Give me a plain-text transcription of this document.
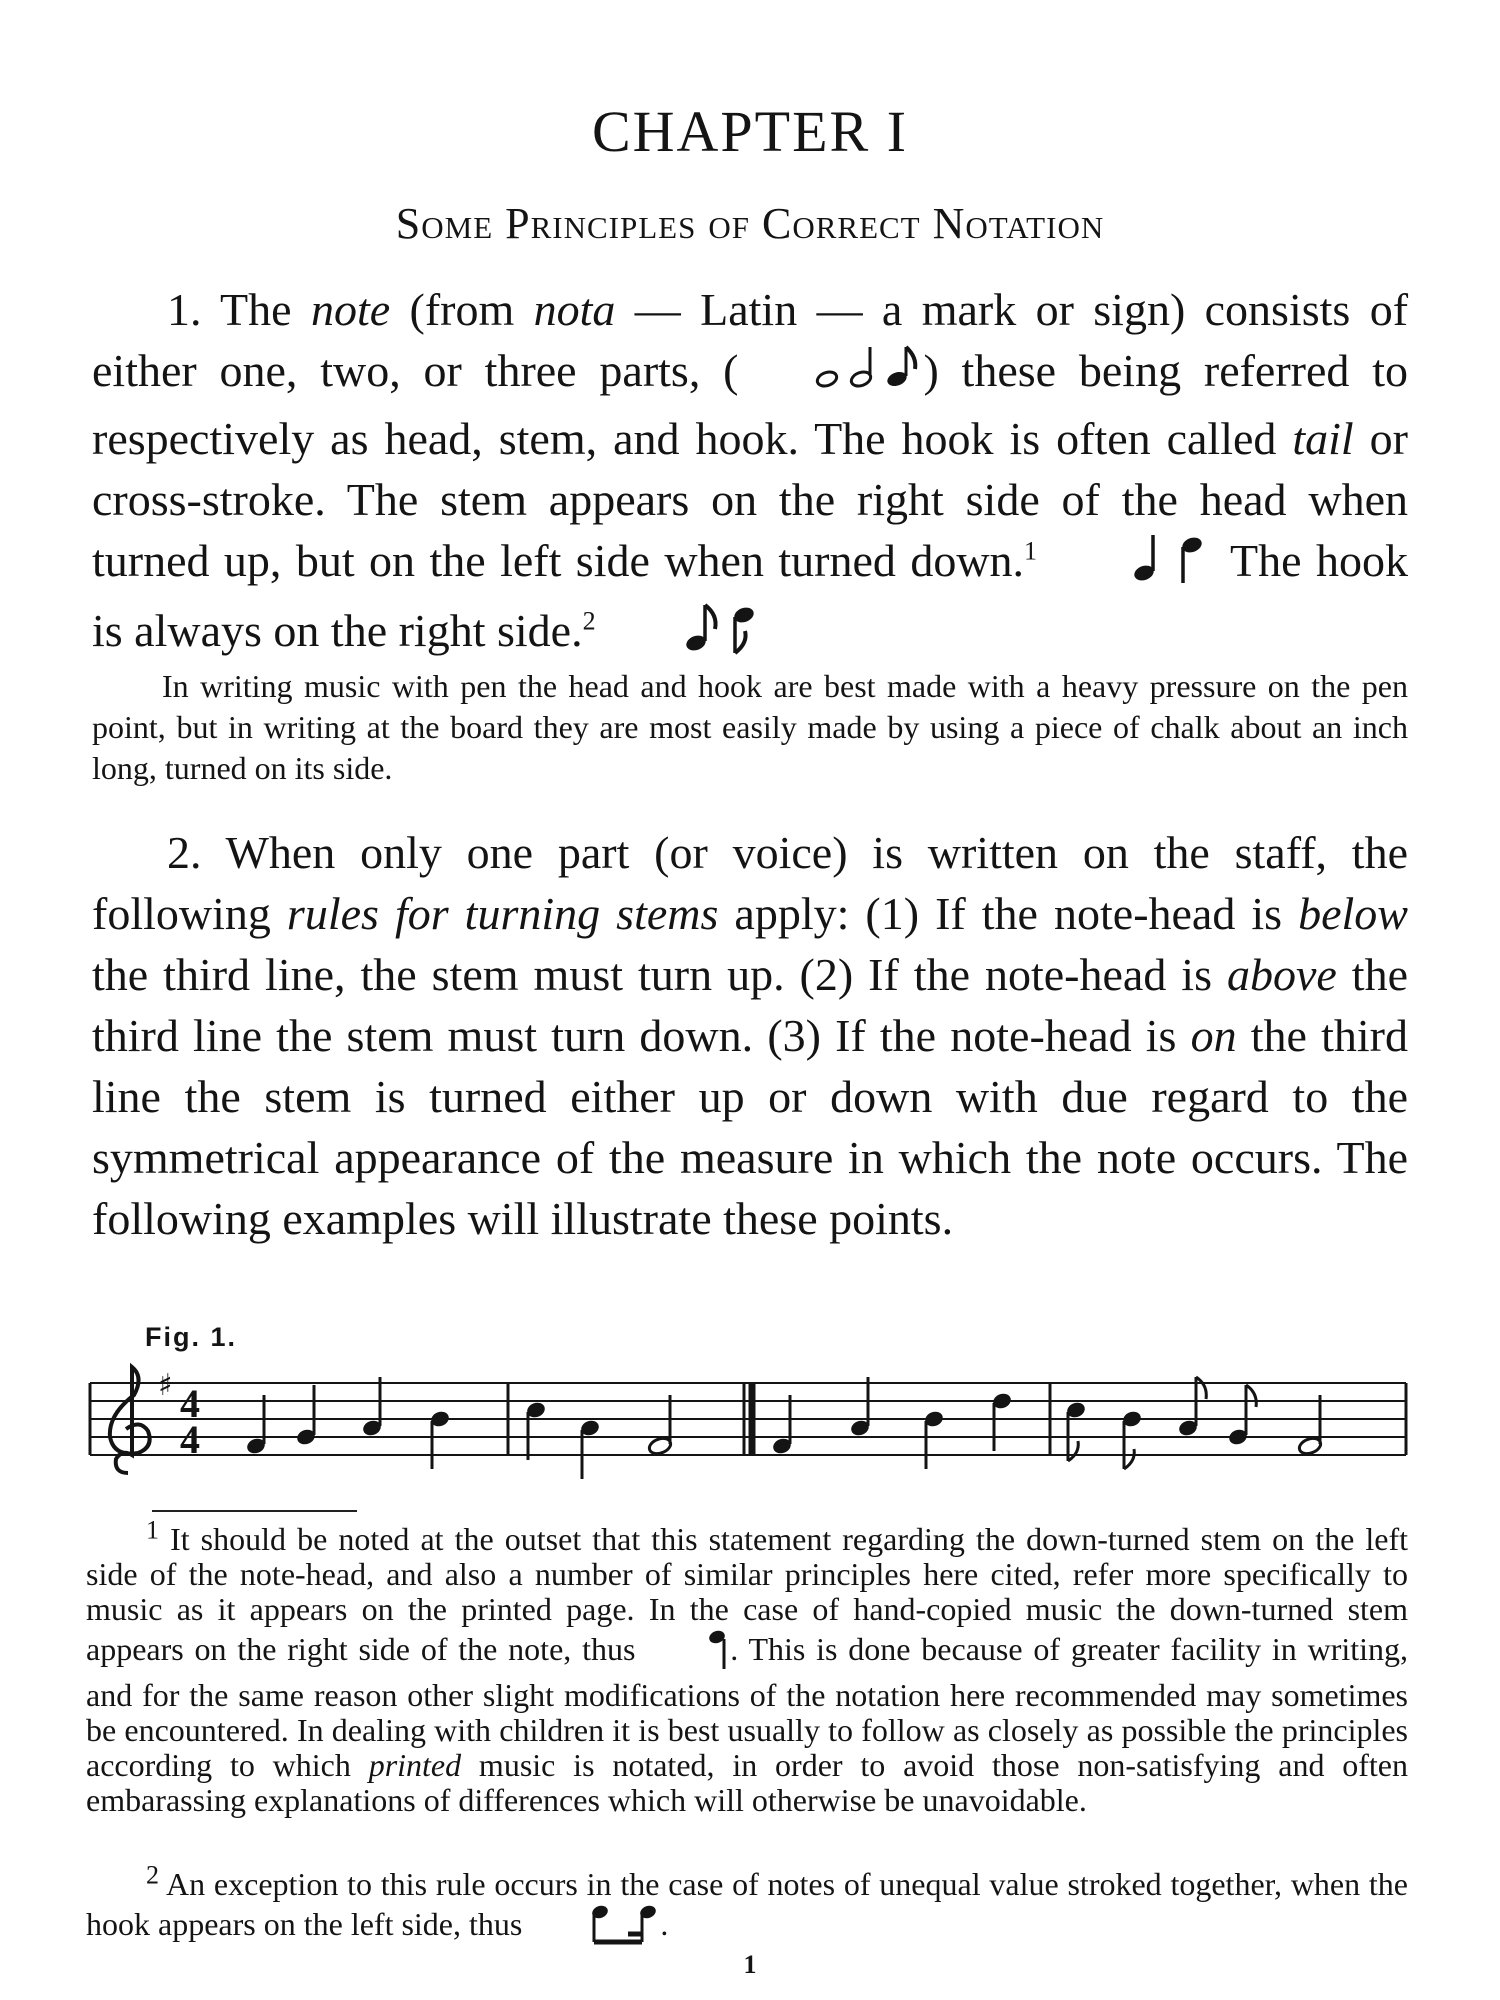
CHAPTER I
Some Principles of Correct Notation
1. The note (from nota — Latin — a mark or sign) consists of either one, two, or three parts, (	) these being referred to respectively as head, stem, and hook. The hook is often called tail or cross-stroke. The stem appears on the right side of the head when turned up, but on the left side when turned down.$^1$	The hook is always on the right side.$^2$
In writing music with pen the head and hook are best made with a heavy pressure on the pen point, but in writing at the board they are most easily made by using a piece of chalk about an inch long, turned on its side.
2. When only one part (or voice) is written on the staff, the following rules for turning stems apply: (1) If the note-head is below the third line, the stem must turn up. (2) If the note-head is above the third line the stem must turn down. (3) If the note-head is on the third line the stem is turned either up or down with due regard to the symmetrical appearance of the measure in which the note occurs. The following examples will illustrate these points.
Fig. 1.
♯ 4
4
$^1$ It should be noted at the outset that this statement regarding the down-turned stem on the left side of the note-head, and also a number of similar principles here cited, refer more specifically to music as it appears on the printed page. In the case of hand-copied music the down-turned stem appears on the right side of the note, thus	. This is done because of greater facility in writing, and for the same reason other slight modifications of the notation here recommended may sometimes be encountered. In dealing with children it is best usually to follow as closely as possible the principles according to which printed music is notated, in order to avoid those non-satisfying and often embarassing explanations of differences which will otherwise be unavoidable.
$^2$ An exception to this rule occurs in the case of notes of unequal value stroked together, when the hook appears on the left side, thus	.
1
